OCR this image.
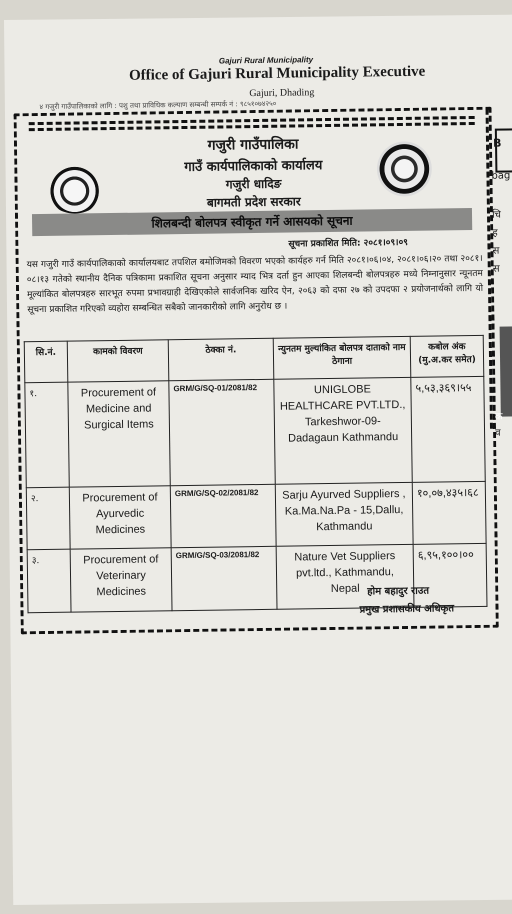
Gajuri Rural Municipality
Office of Gajuri Rural Municipality Executive
Gajuri, Dhading
४ गजुरी गाउँपालिकाको लागि : पशु तथा प्राविधिक कल्याण सम्बन्धी सम्पर्क नं : ९८५१०७४२५०
गजुरी गाउँपालिका
गाउँ कार्यपालिकाको कार्यालय
गजुरी धादिङ
बागमती प्रदेश सरकार
शिलबन्दी बोलपत्र स्वीकृत गर्ने आसयको सूचना
सूचना प्रकाशित मिति: २०८१।०९।०९
यस गजुरी गाउँ कार्यपालिकाको कार्यालयबाट तपशिल बमोजिमको विवरण भएको कार्यहरु गर्न मिति २०८१।०६।०४, २०८१।०६।२० तथा २०८१।०८।१३ गतेको स्थानीय दैनिक पत्रिकामा प्रकाशित सूचना अनुसार म्याद भित्र दर्ता हुन आएका शिलबन्दी बोलपत्रहरु मध्ये निम्नानुसार न्यूनतम मूल्यांकित बोलपत्रहरु सारभूत रुपमा प्रभावग्राही देखिएकोले सार्वजनिक खरिद ऐन, २०६३ को दफा २७ को उपदफा २ प्रयोजनार्थको लागि यो सूचना प्रकाशित गरिएको व्यहोरा सम्बन्धित सबैको जानकारीको लागि अनुरोध छ ।
सि.नं.	कामको विवरण	ठेक्का नं.	न्युनतम मुल्यांकित बोलपत्र दाताको नाम ठेगाना	कबोल अंक (मु.अ.कर समेत)
१.	Procurement of Medicine and Surgical Items	GRM/G/SQ-01/2081/82	UNIGLOBE HEALTHCARE PVT.LTD., Tarkeshwor-09- Dadagaun Kathmandu	५,५३,३६९।५५
२.	Procurement of Ayurvedic Medicines	GRM/G/SQ-02/2081/82	Sarju Ayurved Suppliers , Ka.Ma.Na.Pa - 15,Dallu, Kathmandu	१०,०७,४३५।६८
३.	Procurement of Veterinary Medicines	GRM/G/SQ-03/2081/82	Nature Vet Suppliers pvt.ltd., Kathmandu, Nepal	६,९५,१००।००
होम बहादुर राउत
प्रमुख प्रशासकीय अधिकृत
B
bag
चि
ह
स
स
क
व
